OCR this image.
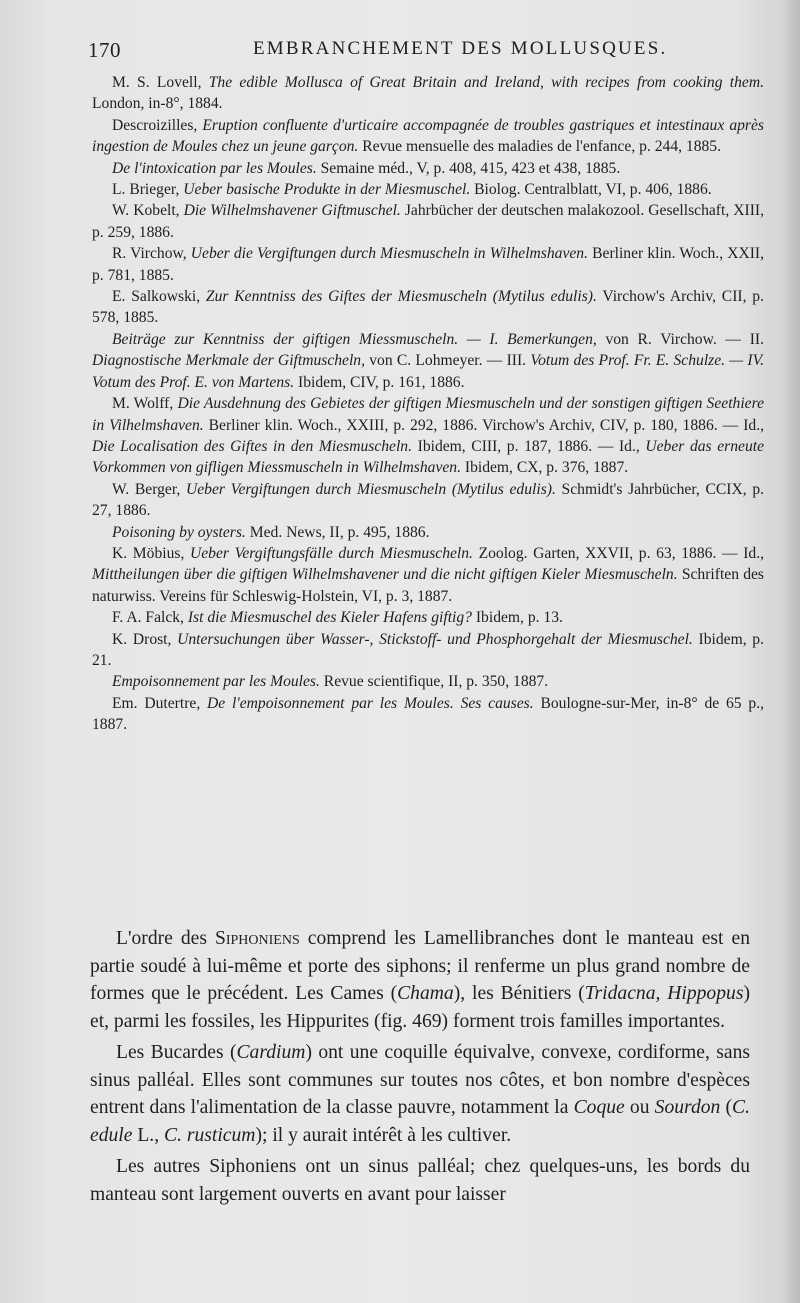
170	EMBRANCHEMENT DES MOLLUSQUES.

M. S. Lovell, The edible Mollusca of Great Britain and Ireland, with recipes from cooking them. London, in-8°, 1884.

Descroizilles, Eruption confluente d'urticaire accompagnée de troubles gastriques et intestinaux après ingestion de Moules chez un jeune garçon. Revue mensuelle des maladies de l'enfance, p. 244, 1885.

De l'intoxication par les Moules. Semaine méd., V, p. 408, 415, 423 et 438, 1885.

L. Brieger, Ueber basische Produkte in der Miesmuschel. Biolog. Centralblatt, VI, p. 406, 1886.

W. Kobelt, Die Wilhelmshavener Giftmuschel. Jahrbücher der deutschen malakozool. Gesellschaft, XIII, p. 259, 1886.

R. Virchow, Ueber die Vergiftungen durch Miesmuscheln in Wilhelmshaven. Berliner klin. Woch., XXII, p. 781, 1885.

E. Salkowski, Zur Kenntniss des Giftes der Miesmuscheln (Mytilus edulis). Virchow's Archiv, CII, p. 578, 1885.

Beiträge zur Kenntniss der giftigen Miessmuscheln. — I. Bemerkungen, von R. Virchow. — II. Diagnostische Merkmale der Giftmuscheln, von C. Lohmeyer. — III. Votum des Prof. Fr. E. Schulze. — IV. Votum des Prof. E. von Martens. Ibidem, CIV, p. 161, 1886.

M. Wolff, Die Ausdehnung des Gebietes der giftigen Miesmuscheln und der sonstigen giftigen Seethiere in Vilhelmshaven. Berliner klin. Woch., XXIII, p. 292, 1886. Virchow's Archiv, CIV, p. 180, 1886. — Id., Die Localisation des Giftes in den Miesmuscheln. Ibidem, CIII, p. 187, 1886. — Id., Ueber das erneute Vorkommen von gifligen Miessmuscheln in Wilhelmshaven. Ibidem, CX, p. 376, 1887.

W. Berger, Ueber Vergiftungen durch Miesmuscheln (Mytilus edulis). Schmidt's Jahrbücher, CCIX, p. 27, 1886.

Poisoning by oysters. Med. News, II, p. 495, 1886.

K. Möbius, Ueber Vergiftungsfälle durch Miesmuscheln. Zoolog. Garten, XXVII, p. 63, 1886. — Id., Mittheilungen über die giftigen Wilhelmshavener und die nicht giftigen Kieler Miesmuscheln. Schriften des naturwiss. Vereins für Schleswig-Holstein, VI, p. 3, 1887.

F. A. Falck, Ist die Miesmuschel des Kieler Hafens giftig? Ibidem, p. 13.

K. Drost, Untersuchungen über Wasser-, Stickstoff- und Phosphorgehalt der Miesmuschel. Ibidem, p. 21.

Empoisonnement par les Moules. Revue scientifique, II, p. 350, 1887.

Em. Dutertre, De l'empoisonnement par les Moules. Ses causes. Boulogne-sur-Mer, in-8° de 65 p., 1887.

L'ordre des Siphoniens comprend les Lamellibranches dont le manteau est en partie soudé à lui-même et porte des siphons; il renferme un plus grand nombre de formes que le précédent. Les Cames (Chama), les Bénitiers (Tridacna, Hippopus) et, parmi les fossiles, les Hippurites (fig. 469) forment trois familles importantes.

Les Bucardes (Cardium) ont une coquille équivalve, convexe, cordiforme, sans sinus palléal. Elles sont communes sur toutes nos côtes, et bon nombre d'espèces entrent dans l'alimentation de la classe pauvre, notamment la Coque ou Sourdon (C. edule L., C. rusticum); il y aurait intérêt à les cultiver.

Les autres Siphoniens ont un sinus palléal; chez quelques-uns, les bords du manteau sont largement ouverts en avant pour laisser
